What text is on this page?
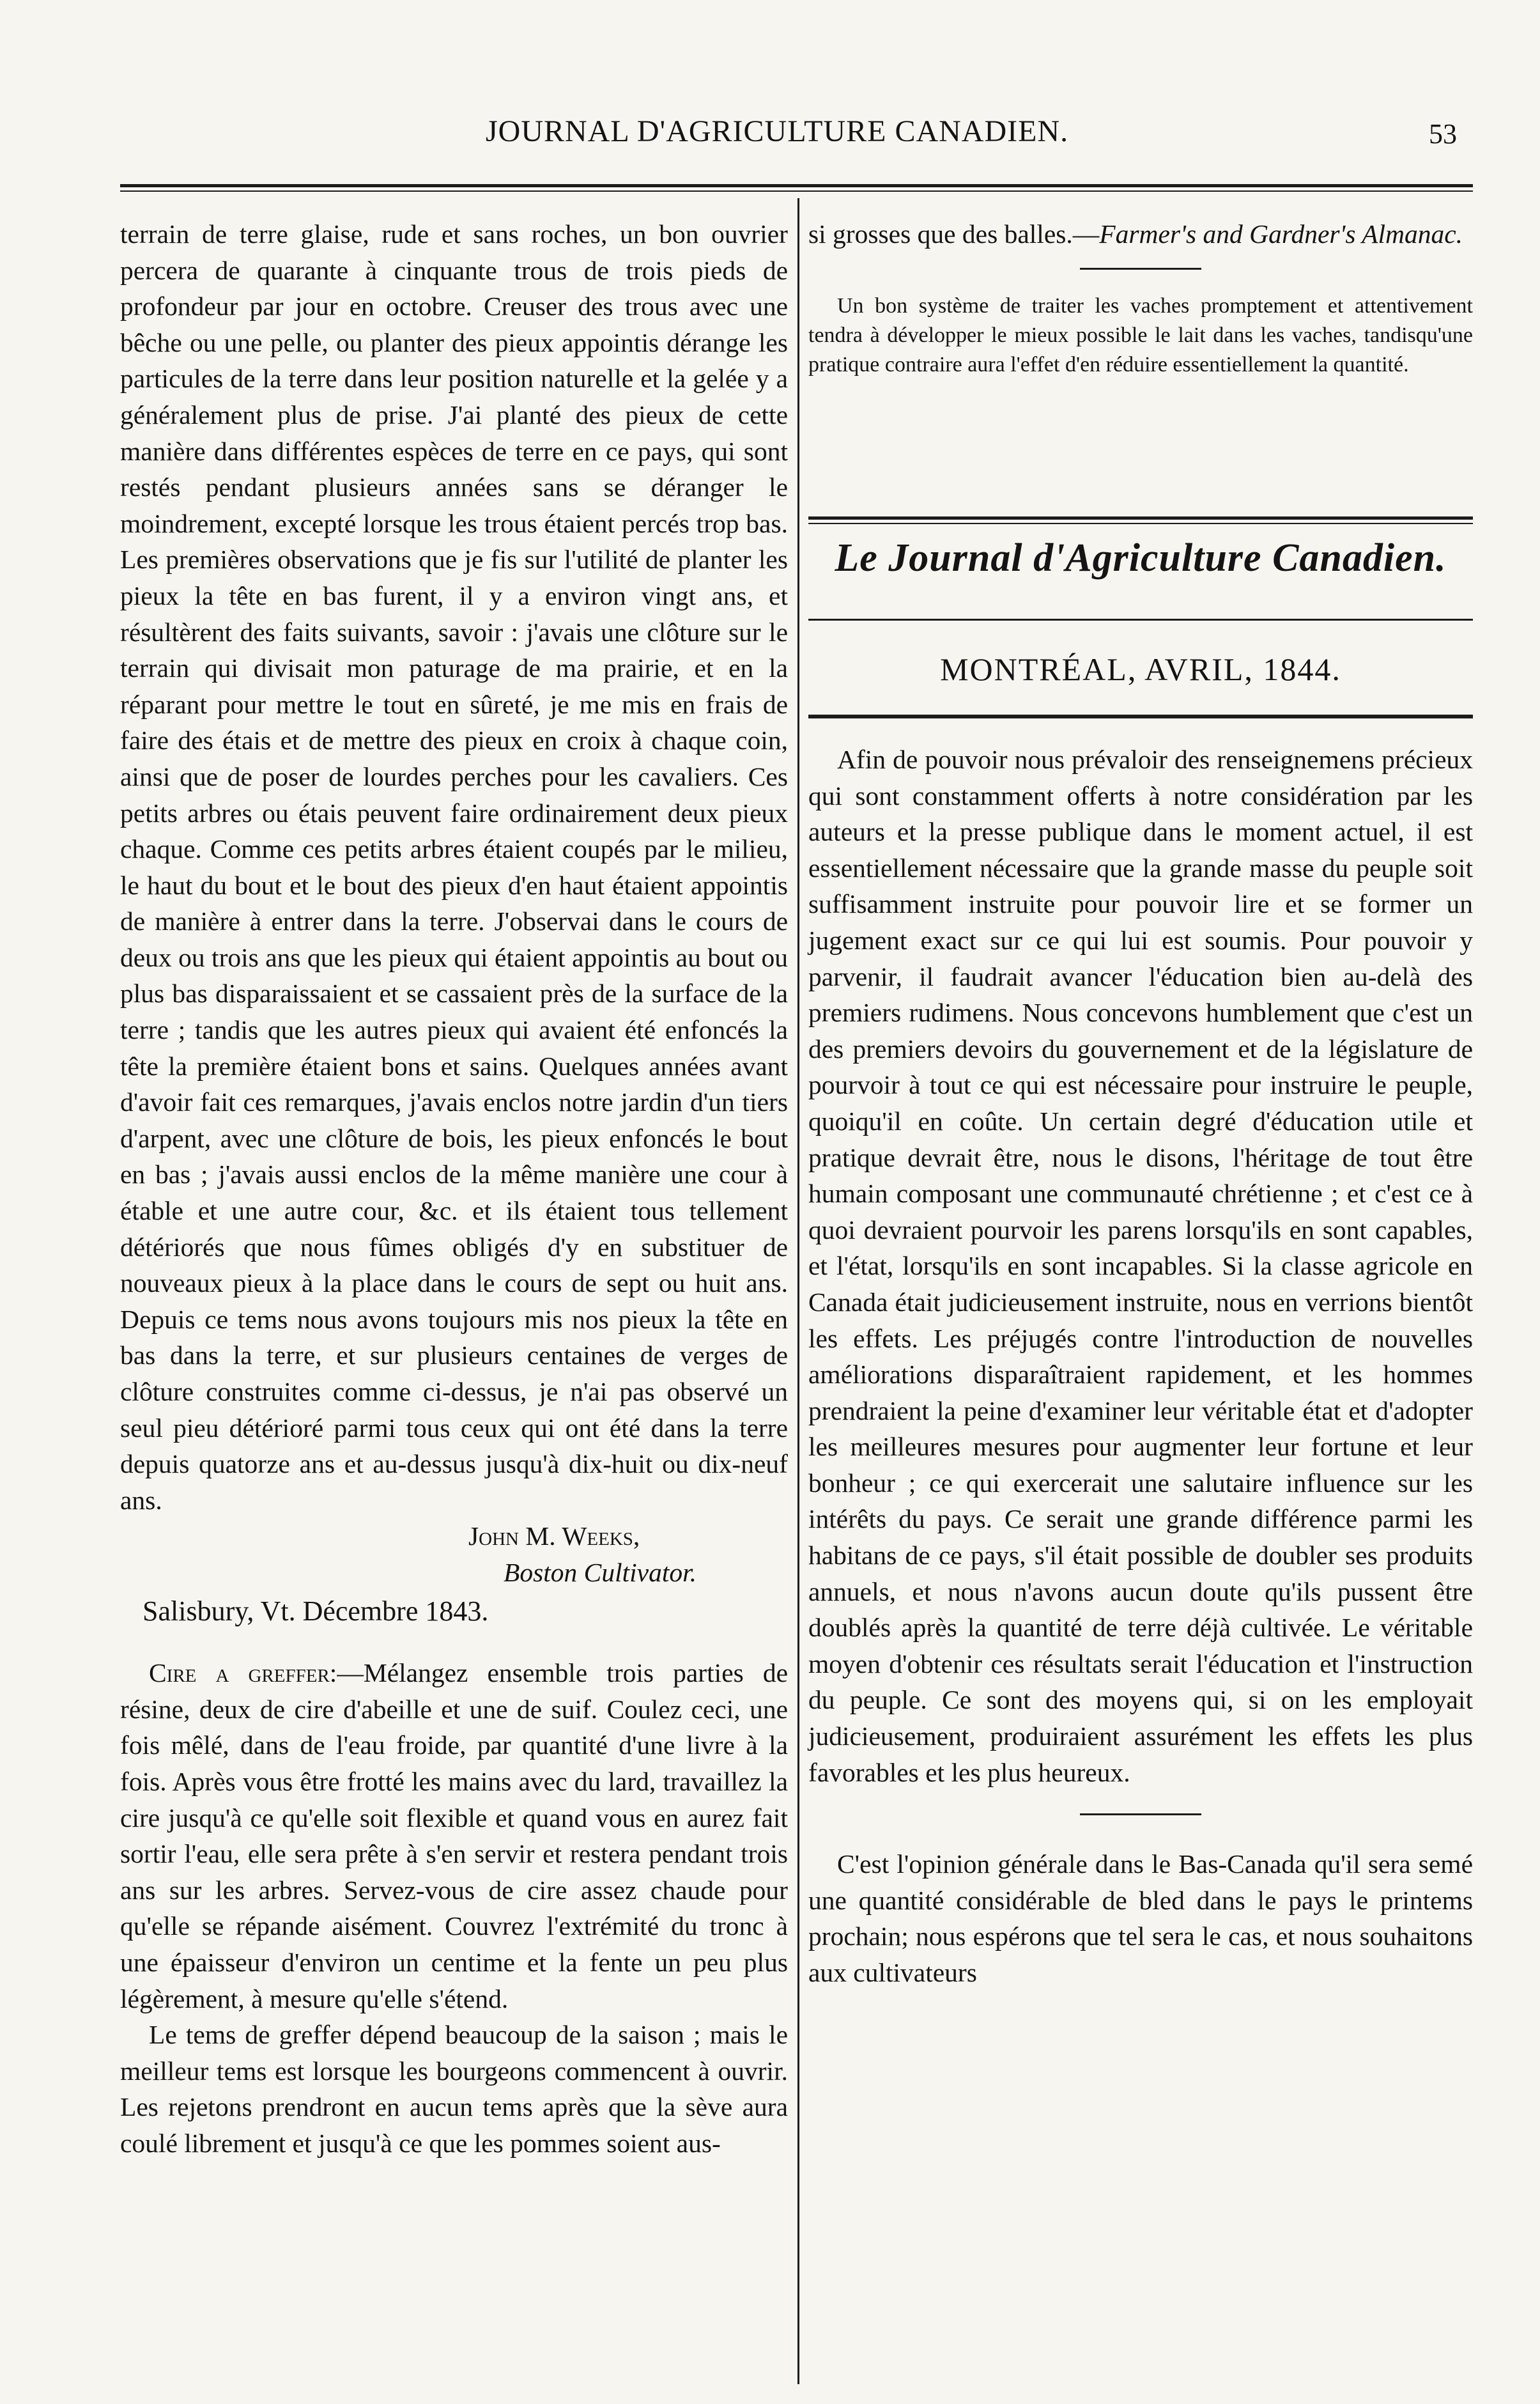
JOURNAL D'AGRICULTURE CANADIEN.	53

terrain de terre glaise, rude et sans roches, un bon ouvrier percera de quarante à cinquante trous de trois pieds de profondeur par jour en octobre. Creuser des trous avec une bêche ou une pelle, ou planter des pieux appointis dérange les particules de la terre dans leur position naturelle et la gelée y a généralement plus de prise. J'ai planté des pieux de cette manière dans différentes espèces de terre en ce pays, qui sont restés pendant plusieurs années sans se déranger le moindrement, excepté lorsque les trous étaient percés trop bas. Les premières observations que je fis sur l'utilité de planter les pieux la tête en bas furent, il y a environ vingt ans, et résultèrent des faits suivants, savoir : j'avais une clôture sur le terrain qui divisait mon paturage de ma prairie, et en la réparant pour mettre le tout en sûreté, je me mis en frais de faire des étais et de mettre des pieux en croix à chaque coin, ainsi que de poser de lourdes perches pour les cavaliers. Ces petits arbres ou étais peuvent faire ordinairement deux pieux chaque. Comme ces petits arbres étaient coupés par le milieu, le haut du bout et le bout des pieux d'en haut étaient appointis de manière à entrer dans la terre. J'observai dans le cours de deux ou trois ans que les pieux qui étaient appointis au bout ou plus bas disparaissaient et se cassaient près de la surface de la terre ; tandis que les autres pieux qui avaient été enfoncés la tête la première étaient bons et sains. Quelques années avant d'avoir fait ces remarques, j'avais enclos notre jardin d'un tiers d'arpent, avec une clôture de bois, les pieux enfoncés le bout en bas ; j'avais aussi enclos de la même manière une cour à étable et une autre cour, &c. et ils étaient tous tellement détériorés que nous fûmes obligés d'y en substituer de nouveaux pieux à la place dans le cours de sept ou huit ans. Depuis ce tems nous avons toujours mis nos pieux la tête en bas dans la terre, et sur plusieurs centaines de verges de clôture construites comme ci-dessus, je n'ai pas observé un seul pieu détérioré parmi tous ceux qui ont été dans la terre depuis quatorze ans et au-dessus jusqu'à dix-huit ou dix-neuf ans.

John M. Weeks,

Boston Cultivator.

Salisbury, Vt. Décembre 1843.

Cire a greffer:—Mélangez ensemble trois parties de résine, deux de cire d'abeille et une de suif. Coulez ceci, une fois mêlé, dans de l'eau froide, par quantité d'une livre à la fois. Après vous être frotté les mains avec du lard, travaillez la cire jusqu'à ce qu'elle soit flexible et quand vous en aurez fait sortir l'eau, elle sera prête à s'en servir et restera pendant trois ans sur les arbres. Servez-vous de cire assez chaude pour qu'elle se répande aisément. Couvrez l'extrémité du tronc à une épaisseur d'environ un centime et la fente un peu plus légèrement, à mesure qu'elle s'étend.

Le tems de greffer dépend beaucoup de la saison ; mais le meilleur tems est lorsque les bourgeons commencent à ouvrir. Les rejetons prendront en aucun tems après que la sève aura coulé librement et jusqu'à ce que les pommes soient aus-

si grosses que des balles.—Farmer's and Gardner's Almanac.

Un bon système de traiter les vaches promptement et attentivement tendra à développer le mieux possible le lait dans les vaches, tandisqu'une pratique contraire aura l'effet d'en réduire essentiellement la quantité.

Le Journal d'Agriculture Canadien.
MONTRÉAL, AVRIL, 1844.

Afin de pouvoir nous prévaloir des renseignemens précieux qui sont constamment offerts à notre considération par les auteurs et la presse publique dans le moment actuel, il est essentiellement nécessaire que la grande masse du peuple soit suffisamment instruite pour pouvoir lire et se former un jugement exact sur ce qui lui est soumis. Pour pouvoir y parvenir, il faudrait avancer l'éducation bien au-delà des premiers rudimens. Nous concevons humblement que c'est un des premiers devoirs du gouvernement et de la législature de pourvoir à tout ce qui est nécessaire pour instruire le peuple, quoiqu'il en coûte. Un certain degré d'éducation utile et pratique devrait être, nous le disons, l'héritage de tout être humain composant une communauté chrétienne ; et c'est ce à quoi devraient pourvoir les parens lorsqu'ils en sont capables, et l'état, lorsqu'ils en sont incapables. Si la classe agricole en Canada était judicieusement instruite, nous en verrions bientôt les effets. Les préjugés contre l'introduction de nouvelles améliorations disparaîtraient rapidement, et les hommes prendraient la peine d'examiner leur véritable état et d'adopter les meilleures mesures pour augmenter leur fortune et leur bonheur ; ce qui exercerait une salutaire influence sur les intérêts du pays. Ce serait une grande différence parmi les habitans de ce pays, s'il était possible de doubler ses produits annuels, et nous n'avons aucun doute qu'ils pussent être doublés après la quantité de terre déjà cultivée. Le véritable moyen d'obtenir ces résultats serait l'éducation et l'instruction du peuple. Ce sont des moyens qui, si on les employait judicieusement, produiraient assurément les effets les plus favorables et les plus heureux.

C'est l'opinion générale dans le Bas-Canada qu'il sera semé une quantité considérable de bled dans le pays le printems prochain; nous espérons que tel sera le cas, et nous souhaitons aux cultivateurs
